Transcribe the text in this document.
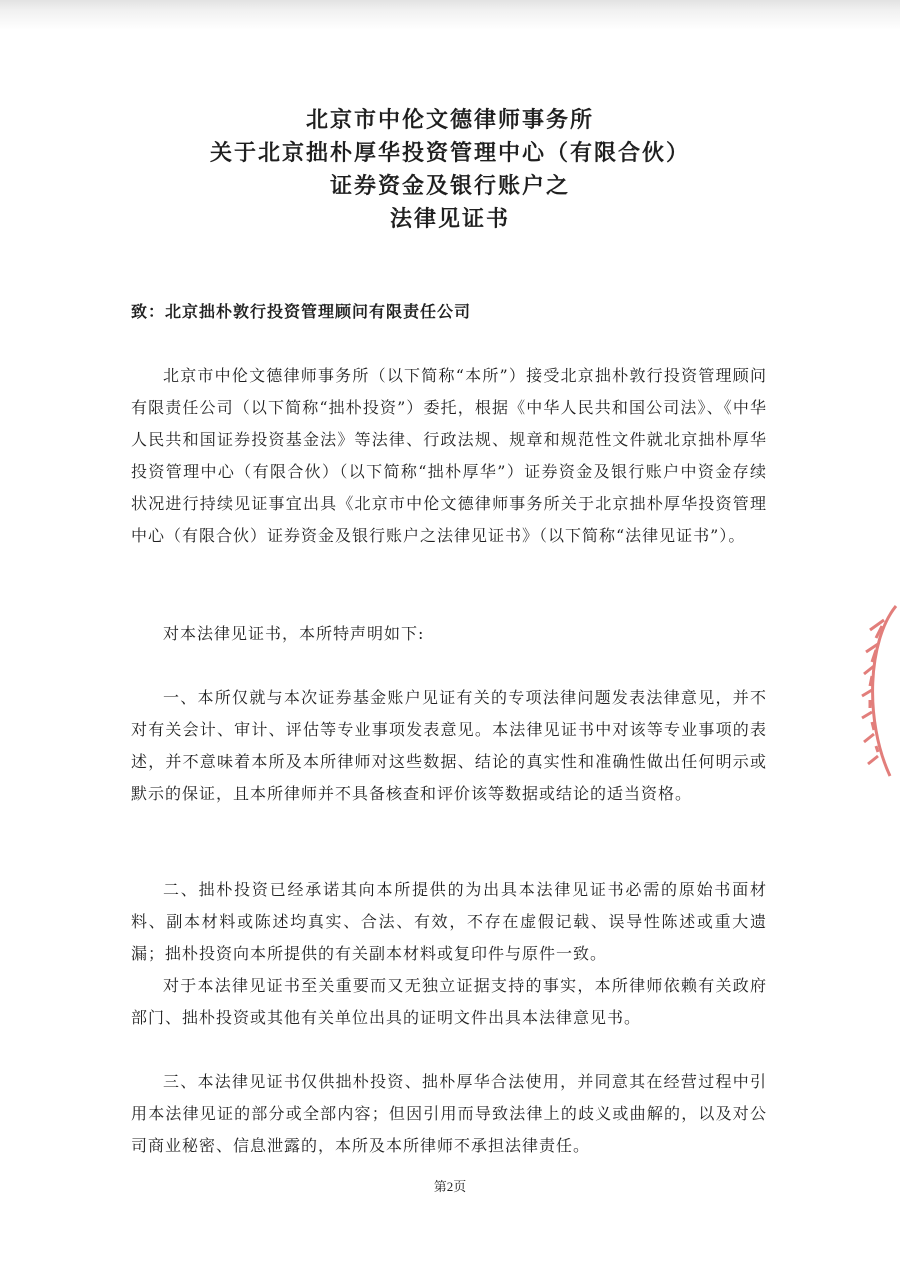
北京市中伦文德律师事务所
关于北京拙朴厚华投资管理中心（有限合伙）
证券资金及银行账户之
法律见证书
致：北京拙朴敦行投资管理顾问有限责任公司

北京市中伦文德律师事务所（以下简称“本所”）接受北京拙朴敦行投资管理顾问有限责任公司（以下简称“拙朴投资”）委托，根据《中华人民共和国公司法》、《中华人民共和国证券投资基金法》等法律、行政法规、规章和规范性文件就北京拙朴厚华投资管理中心（有限合伙）（以下简称“拙朴厚华”）证券资金及银行账户中资金存续状况进行持续见证事宜出具《北京市中伦文德律师事务所关于北京拙朴厚华投资管理中心（有限合伙）证券资金及银行账户之法律见证书》（以下简称“法律见证书”）。

对本法律见证书，本所特声明如下:

一、本所仅就与本次证券基金账户见证有关的专项法律问题发表法律意见，并不对有关会计、审计、评估等专业事项发表意见。本法律见证书中对该等专业事项的表述，并不意味着本所及本所律师对这些数据、结论的真实性和准确性做出任何明示或默示的保证，且本所律师并不具备核查和评价该等数据或结论的适当资格。

二、拙朴投资已经承诺其向本所提供的为出具本法律见证书必需的原始书面材料、副本材料或陈述均真实、合法、有效，不存在虚假记载、误导性陈述或重大遗漏；拙朴投资向本所提供的有关副本材料或复印件与原件一致。

对于本法律见证书至关重要而又无独立证据支持的事实，本所律师依赖有关政府部门、拙朴投资或其他有关单位出具的证明文件出具本法律意见书。

三、本法律见证书仅供拙朴投资、拙朴厚华合法使用，并同意其在经营过程中引用本法律见证的部分或全部内容；但因引用而导致法律上的歧义或曲解的，以及对公司商业秘密、信息泄露的，本所及本所律师不承担法律责任。

第2页
